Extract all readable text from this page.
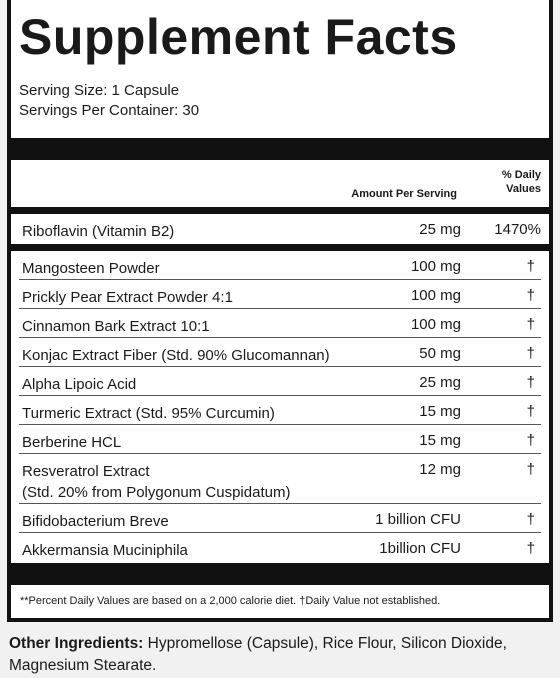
Supplement Facts
Serving Size: 1 Capsule
Servings Per Container: 30
Amount Per Serving
% Daily
Values
Riboflavin (Vitamin B2)	25 mg 1470%
Mangosteen Powder	100 mg	†
Prickly Pear Extract Powder 4:1	100 mg	†
Cinnamon Bark Extract 10:1	100 mg	†
Konjac Extract Fiber (Std. 90% Glucomannan)	50 mg	†
Alpha Lipoic Acid	25 mg	†
Turmeric Extract (Std. 95% Curcumin)	15 mg	†
Berberine HCL	15 mg	†
Resveratrol Extract
(Std. 20% from Polygonum Cuspidatum)
12 mg	†
Bifidobacterium Breve	1 billion CFU	†
Akkermansia Muciniphila	1billion CFU	†
**Percent Daily Values are based on a 2,000 calorie diet. †Daily Value not established.
Other Ingredients: Hypromellose (Capsule), Rice Flour, Silicon Dioxide, Magnesium Stearate.
